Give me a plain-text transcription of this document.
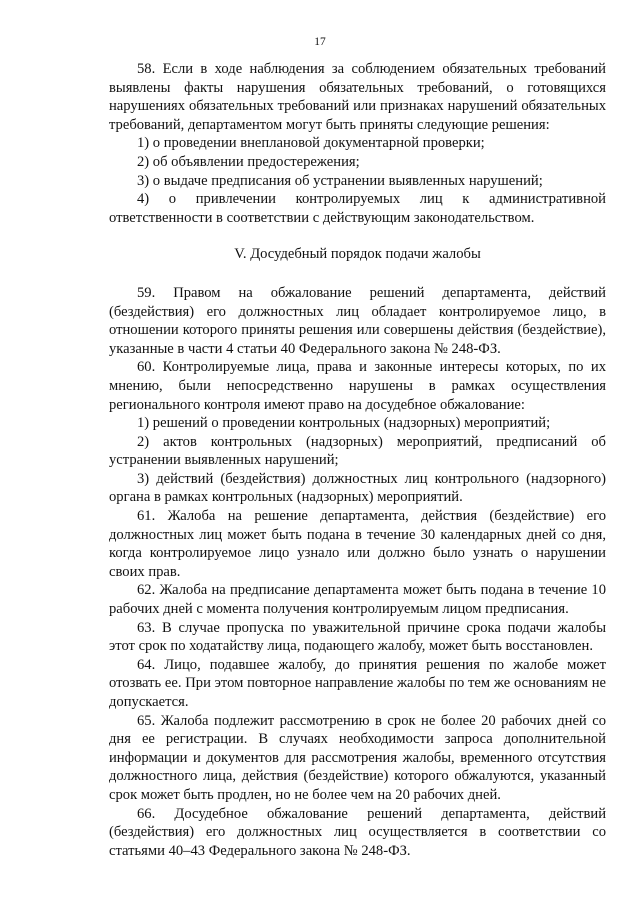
17

58. Если в ходе наблюдения за соблюдением обязательных требований выявлены факты нарушения обязательных требований, о готовящихся нарушениях обязательных требований или признаках нарушений обязательных требований, департаментом могут быть приняты следующие решения:

1) о проведении внеплановой документарной проверки;

2) об объявлении предостережения;

3) о выдаче предписания об устранении выявленных нарушений;

4) о привлечении контролируемых лиц к административной ответственности в соответствии с действующим законодательством.

V. Досудебный порядок подачи жалобы

59. Правом на обжалование решений департамента, действий (бездействия) его должностных лиц обладает контролируемое лицо, в отношении которого приняты решения или совершены действия (бездействие), указанные в части 4 статьи 40 Федерального закона № 248-ФЗ.

60. Контролируемые лица, права и законные интересы которых, по их мнению, были непосредственно нарушены в рамках осуществления регионального контроля имеют право на досудебное обжалование:

1) решений о проведении контрольных (надзорных) мероприятий;

2) актов контрольных (надзорных) мероприятий, предписаний об устранении выявленных нарушений;

3) действий (бездействия) должностных лиц контрольного (надзорного) органа в рамках контрольных (надзорных) мероприятий.

61. Жалоба на решение департамента, действия (бездействие) его должностных лиц может быть подана в течение 30 календарных дней со дня, когда контролируемое лицо узнало или должно было узнать о нарушении своих прав.

62. Жалоба на предписание департамента может быть подана в течение 10 рабочих дней с момента получения контролируемым лицом предписания.

63. В случае пропуска по уважительной причине срока подачи жалобы этот срок по ходатайству лица, подающего жалобу, может быть восстановлен.

64. Лицо, подавшее жалобу, до принятия решения по жалобе может отозвать ее. При этом повторное направление жалобы по тем же основаниям не допускается.

65. Жалоба подлежит рассмотрению в срок не более 20 рабочих дней со дня ее регистрации. В случаях необходимости запроса дополнительной информации и документов для рассмотрения жалобы, временного отсутствия должностного лица, действия (бездействие) которого обжалуются, указанный срок может быть продлен, но не более чем на 20 рабочих дней.

66. Досудебное обжалование решений департамента, действий (бездействия) его должностных лиц осуществляется в соответствии со статьями 40–43 Федерального закона № 248-ФЗ.
